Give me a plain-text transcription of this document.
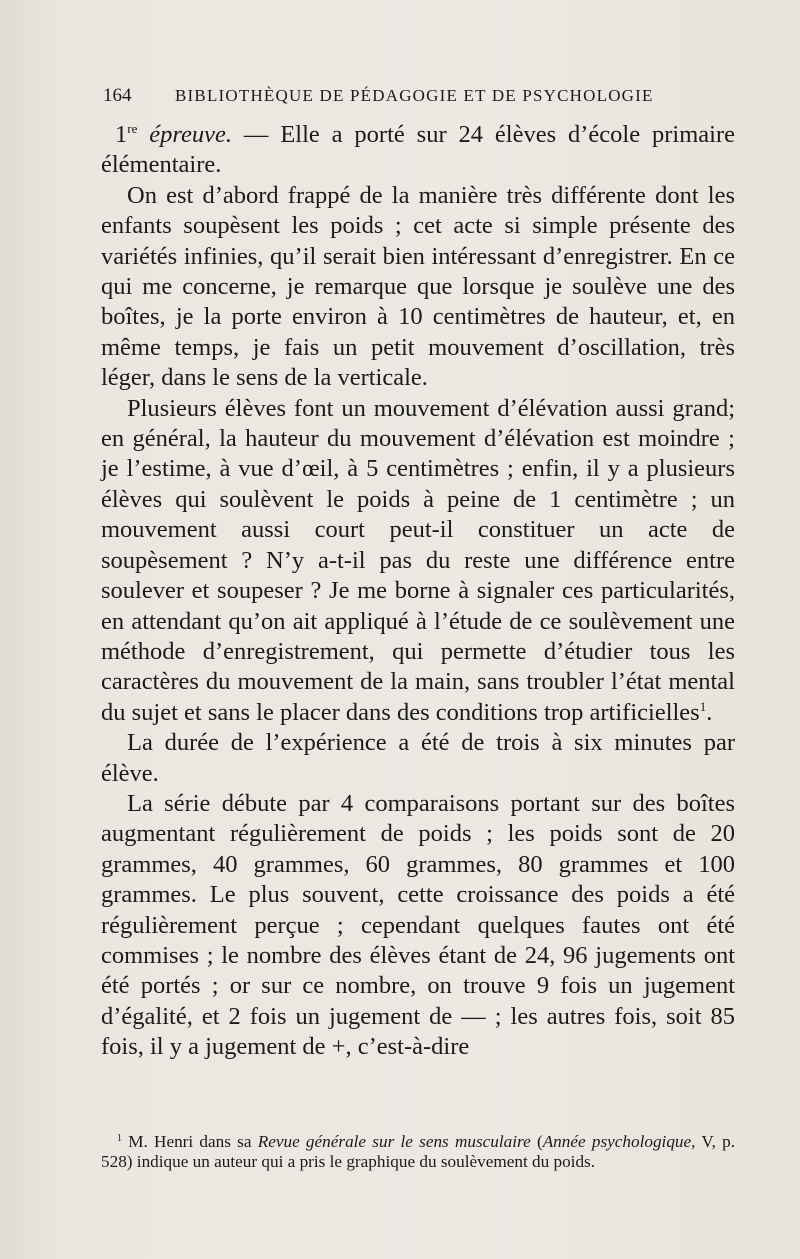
164	BIBLIOTHÈQUE DE PÉDAGOGIE ET DE PSYCHOLOGIE

1re épreuve. — Elle a porté sur 24 élèves d’école primaire élémentaire.

On est d’abord frappé de la manière très différente dont les enfants soupèsent les poids ; cet acte si simple présente des variétés infinies, qu’il serait bien intéressant d’enregistrer. En ce qui me concerne, je remarque que lorsque je soulève une des boîtes, je la porte environ à 10 centimètres de hauteur, et, en même temps, je fais un petit mouvement d’oscillation, très léger, dans le sens de la verticale.

Plusieurs élèves font un mouvement d’élévation aussi grand; en général, la hauteur du mouvement d’élévation est moindre ; je l’estime, à vue d’œil, à 5 centimètres ; enfin, il y a plusieurs élèves qui soulèvent le poids à peine de 1 centimètre ; un mouvement aussi court peut-il constituer un acte de soupèsement ? N’y a-t-il pas du reste une différence entre soulever et soupeser ? Je me borne à signaler ces particularités, en attendant qu’on ait appliqué à l’étude de ce soulèvement une méthode d’enregistrement, qui permette d’étudier tous les caractères du mouvement de la main, sans troubler l’état mental du sujet et sans le placer dans des conditions trop artificielles$^1$.

La durée de l’expérience a été de trois à six minutes par élève.

La série débute par 4 comparaisons portant sur des boîtes augmentant régulièrement de poids ; les poids sont de 20 grammes, 40 grammes, 60 grammes, 80 grammes et 100 grammes. Le plus souvent, cette croissance des poids a été régulièrement perçue ; cependant quelques fautes ont été commises ; le nombre des élèves étant de 24, 96 jugements ont été portés ; or sur ce nombre, on trouve 9 fois un jugement d’égalité, et 2 fois un jugement de — ; les autres fois, soit 85 fois, il y a jugement de +, c’est-à-dire

$^1$ M. Henri dans sa Revue générale sur le sens musculaire (Année psychologique, V, p. 528) indique un auteur qui a pris le graphique du soulèvement du poids.
